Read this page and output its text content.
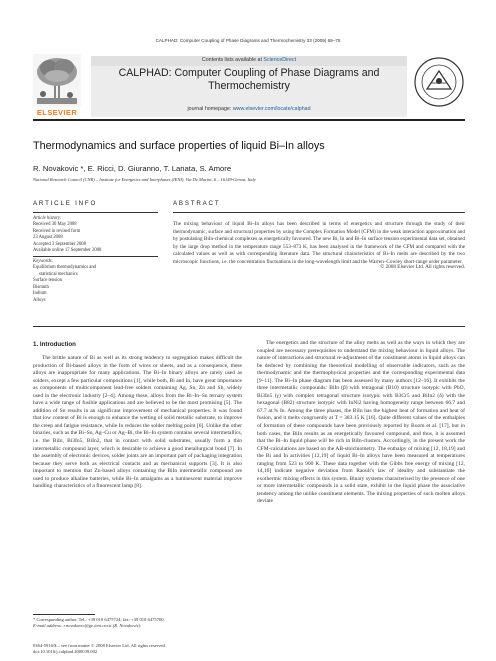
CALPHAD: Computer Coupling of Phase Diagrams and Thermochemistry 33 (2009) 69–75
ELSEVIER
Contents lists available at ScienceDirect
CALPHAD: Computer Coupling of Phase Diagrams and
Thermochemistry
journal homepage: www.elsevier.com/locate/calphad
Thermodynamics and surface properties of liquid Bi–In alloys
R. Novakovic *, E. Ricci, D. Giuranno, T. Lanata, S. Amore
National Research Council (CNR) – Institute for Energetics and Interphases (IENI), Via De Marini, 6 – 16149-Genoa, Italy
ARTICLE INFO
Article history:
Received 30 May 2008
Received in revised form
23 August 2008
Accepted 3 September 2008
Available online 17 September 2008
Keywords:
Equilibrium thermodynamics and
statistical mechanics
Surface tension
Bismuth
Indium
Alloys
ABSTRACT
The mixing behaviour of liquid Bi–In alloys has been described in terms of energetics and structure through the study of their thermodynamic, surface and structural properties by using the Complex Formation Model (CFM) in the weak interaction approximation and by postulating BiIn-chemical complexes as energetically favoured. The new Bi, In and Bi–In surface tension experimental data set, obtained by the large drop method in the temperature range 553–873 K, has been analysed in the framework of the CFM and compared with the calculated values as well as with corresponding literature data. The structural characteristics of Bi–In melts are described by the two microscopic functions, i.e. the concentration fluctuations in the long-wavelength limit and the Warren–Cowley short-range order parameter.
© 2008 Elsevier Ltd. All rights reserved.
1. Introduction
The brittle nature of Bi as well as its strong tendency to segregation makes difficult the production of Bi-based alloys in the form of wires or sheets, and as a consequence, these alloys are inappropriate for many applications. The Bi–In binary alloys are rarely used as solders, except a few particular compositions [1], while both, Bi and In, have great importance as components of multicomponent lead-free solders containing Ag, Sn, Zn and Sb, widely used in the electronic industry [2–4]. Among these, alloys from the Bi–In–Sn ternary system have a wide range of fusible applications and are believed to be the most promising [5]. The addition of Sn results in an significant improvement of mechanical properties. It was found that low content of Bi is enough to enhance the wetting of solid metallic substrate, to improve the creep and fatigue resistance, while In reduces the solder melting point [6]. Unlike the other binaries, such as the Bi–Sn, Ag–Cu or Ag–Bi, the Bi–In system contains several intermetallics, i.e. the BiIn, Bi3In5, BiIn2, that in contact with solid substrates, usually form a thin intermetallic compound layer, which is desirable to achieve a good metallurgical bond [7]. In the assembly of electronic devices, solder joints are an important part of packaging integration because they serve both as electrical contacts and as mechanical supports [3]. It is also important to mention that Zn-based alloys containing the BiIn intermetallic compound are used to produce alkaline batteries, while Bi–In amalgams as a luminescent material improve handling characteristics of a fluorescent lamp [8].
The energetics and the structure of the alloy melts as well as the ways in which they are coupled are necessary prerequisites to understand the mixing behaviour in liquid alloys. The nature of interactions and structural re-adjustment of the constituent atoms in liquid alloys can be deduced by combining the theoretical modelling of observable indicators, such as the thermodynamic and the thermophysical properties and the corresponding experimental data [9–11]. The Bi–In phase diagram has been assessed by many authors [12–16]. It exhibits the three intermetallic compounds: BiIn (β) with tetragonal (B10) structure isotypic with PbO, Bi3In5 (γ) with complex tetragonal structure isotypic with B3Cr5 and BiIn2 (δ) with the hexagonal (B82) structure isotypic with InNi2 having homogeneity range between 66.7 and 67.7 at.% In. Among the three phases, the BiIn has the highest heat of formation and heat of fusion, and it melts congruently at T = 383.15 K [16]. Quite different values of the enthalpies of formation of these compounds have been previously reported by Boom et al. [17], but in both cases, the BiIn results as an energetically favoured compound, and thus, it is assumed that the Bi–In liquid phase will be rich in BiIn-clusters. Accordingly, in the present work the CFM-calculations are based on the AB-stoichiometry. The enthalpy of mixing [12, 18,19] and the Bi and In activities [12,19] of liquid Bi–In alloys have been measured at temperatures ranging from 523 to 900 K. These data together with the Gibbs free energy of mixing [12, 14,16] indicate negative deviation from Raoult's law of ideality and substantiate the exothermic mixing effects in this system. Binary systems characterised by the presence of one or more intermetallic compounds in a solid state, exhibit in the liquid phase the associative tendency among the unlike constituent elements. The mixing properties of such molten alloys deviate
* Corresponding author. Tel.: +39 010 6475724; fax: +39 010 6475700.
E-mail address: r.novakovic@ge.ieni.cnr.it (R. Novakovic).
0364-5916/$ – see front matter © 2008 Elsevier Ltd. All rights reserved.
doi:10.1016/j.calphad.2008.09.002
